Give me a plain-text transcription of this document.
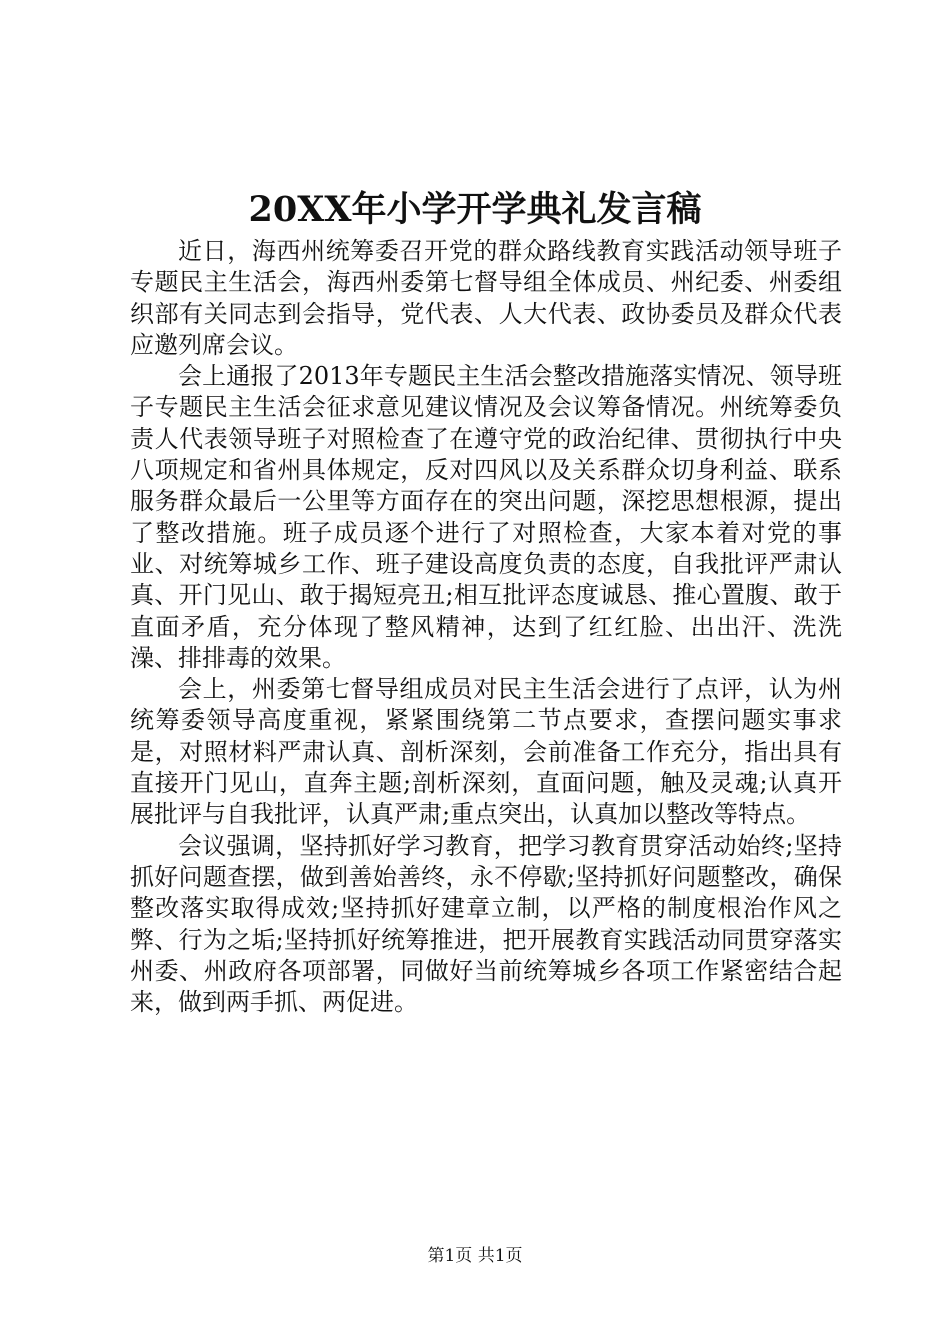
20XX年小学开学典礼发言稿

近日，海西州统筹委召开党的群众路线教育实践活动领导班子专题民主生活会，海西州委第七督导组全体成员、州纪委、州委组织部有关同志到会指导，党代表、人大代表、政协委员及群众代表应邀列席会议。

会上通报了2013年专题民主生活会整改措施落实情况、领导班子专题民主生活会征求意见建议情况及会议筹备情况。州统筹委负责人代表领导班子对照检查了在遵守党的政治纪律、贯彻执行中央八项规定和省州具体规定，反对四风以及关系群众切身利益、联系服务群众最后一公里等方面存在的突出问题，深挖思想根源，提出了整改措施。班子成员逐个进行了对照检查，大家本着对党的事业、对统筹城乡工作、班子建设高度负责的态度，自我批评严肃认真、开门见山、敢于揭短亮丑;相互批评态度诚恳、推心置腹、敢于直面矛盾，充分体现了整风精神，达到了红红脸、出出汗、洗洗澡、排排毒的效果。

会上，州委第七督导组成员对民主生活会进行了点评，认为州统筹委领导高度重视，紧紧围绕第二节点要求，查摆问题实事求是，对照材料严肃认真、剖析深刻，会前准备工作充分，指出具有直接开门见山，直奔主题;剖析深刻，直面问题，触及灵魂;认真开展批评与自我批评，认真严肃;重点突出，认真加以整改等特点。

会议强调，坚持抓好学习教育，把学习教育贯穿活动始终;坚持抓好问题查摆，做到善始善终，永不停歇;坚持抓好问题整改，确保整改落实取得成效;坚持抓好建章立制，以严格的制度根治作风之弊、行为之垢;坚持抓好统筹推进，把开展教育实践活动同贯穿落实州委、州政府各项部署，同做好当前统筹城乡各项工作紧密结合起来，做到两手抓、两促进。

第1页 共1页
